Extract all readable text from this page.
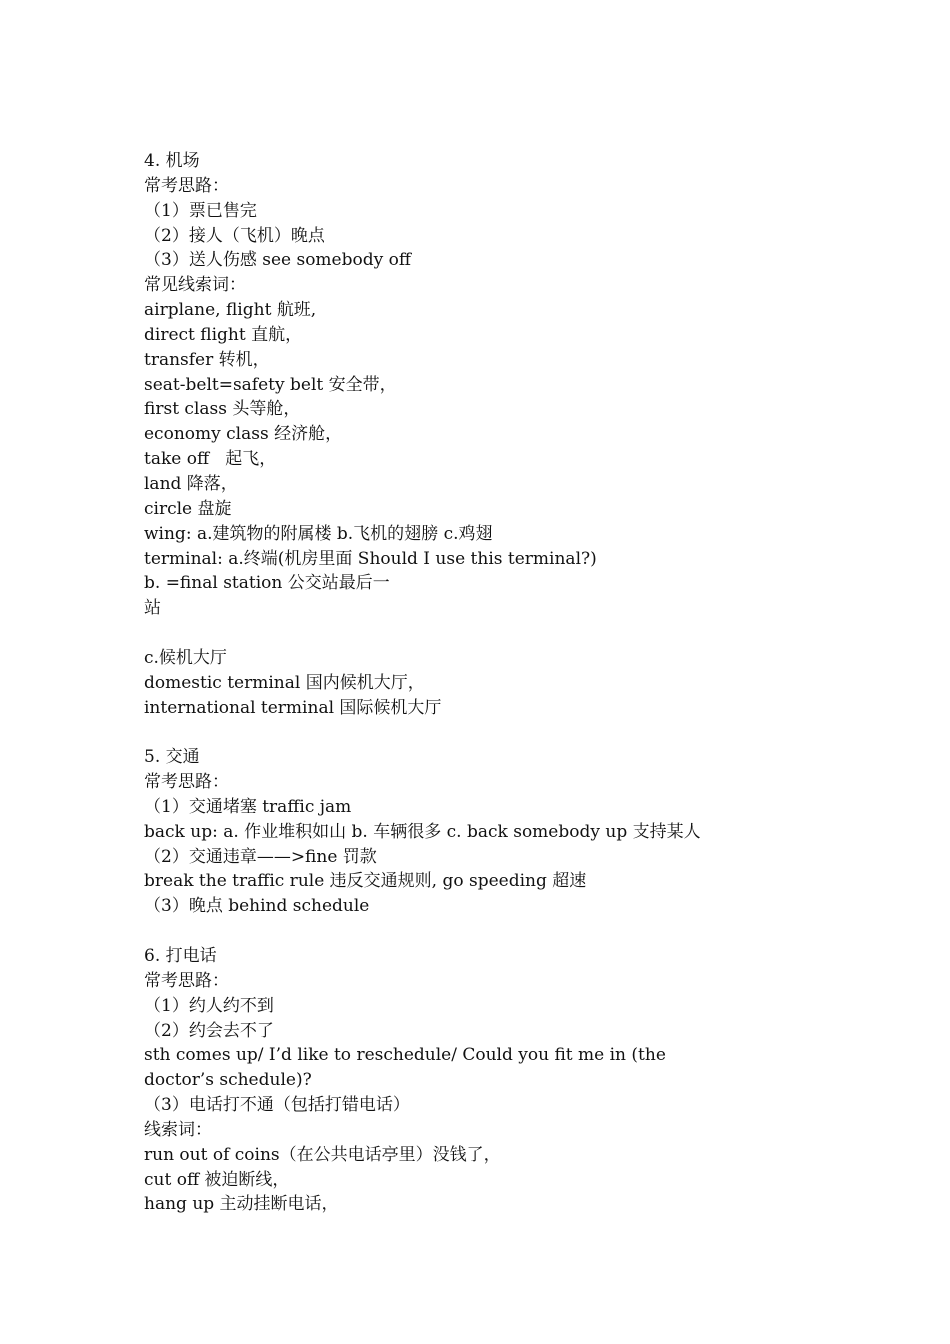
4. 机场
常考思路：
（1）票已售完
（2）接人（飞机）晚点
（3）送人伤感 see somebody off
常见线索词：
airplane, flight 航班,
direct flight 直航，
transfer 转机，
seat-belt=safety belt 安全带，
first class 头等舱，
economy class 经济舱，
take off   起飞，
land 降落，
circle 盘旋
wing: a.建筑物的附属楼 b.飞机的翅膀 c.鸡翅
terminal: a.终端(机房里面 Should I use this terminal?)
b. =final station 公交站最后一
站
c.候机大厅
domestic terminal 国内候机大厅，
international terminal 国际候机大厅
5. 交通
常考思路：
（1）交通堵塞 traffic jam
back up: a. 作业堆积如山 b. 车辆很多 c. back somebody up 支持某人
（2）交通违章——>fine 罚款
break the traffic rule 违反交通规则, go speeding 超速
（3）晚点 behind schedule
6. 打电话
常考思路：
（1）约人约不到
（2）约会去不了
sth comes up/ I’d like to reschedule/ Could you fit me in (the
doctor’s schedule)?
（3）电话打不通（包括打错电话）
线索词：
run out of coins（在公共电话亭里）没钱了，
cut off 被迫断线，
hang up 主动挂断电话，
